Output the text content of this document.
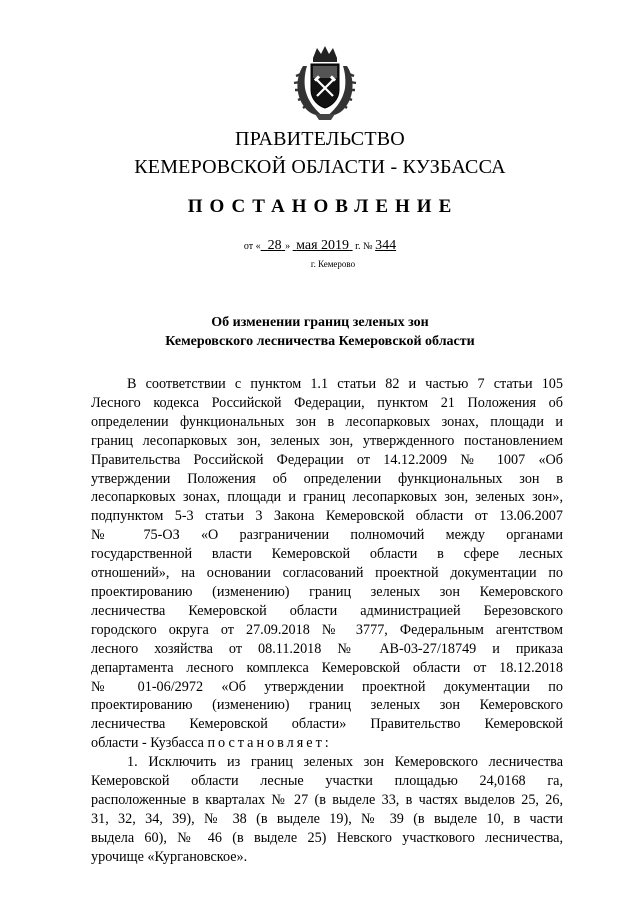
ПРАВИТЕЛЬСТВО

КЕМЕРОВСКОЙ ОБЛАСТИ - КУЗБАССА

ПОСТАНОВЛЕНИЕ

от « 28 » мая 2019 г. № 344
г. Кемерово

Об изменении границ зеленых зон

Кемеровского лесничества Кемеровской области

В соответствии с пунктом 1.1 статьи 82 и частью 7 статьи 105
Лесного кодекса Российской Федерации, пунктом 21 Положения об
определении функциональных зон в лесопарковых зонах, площади и
границ лесопарковых зон, зеленых зон, утвержденного постановлением
Правительства Российской Федерации от 14.12.2009 № 1007 «Об
утверждении Положения об определении функциональных зон в
лесопарковых зонах, площади и границ лесопарковых зон, зеленых зон»,
подпунктом 5-3 статьи 3 Закона Кемеровской области от 13.06.2007
№ 75-ОЗ «О разграничении полномочий между органами
государственной власти Кемеровской области в сфере лесных
отношений», на основании согласований проектной документации по
проектированию (изменению) границ зеленых зон Кемеровского
лесничества Кемеровской области администрацией Березовского
городского округа от 27.09.2018 № 3777, Федеральным агентством
лесного хозяйства от 08.11.2018 № АВ-03-27/18749 и приказа
департамента лесного комплекса Кемеровской области от 18.12.2018
№ 01-06/2972 «Об утверждении проектной документации по
проектированию (изменению) границ зеленых зон Кемеровского
лесничества Кемеровской области» Правительство Кемеровской
области - Кузбасса постановляет:
1. Исключить из границ зеленых зон Кемеровского лесничества
Кемеровской области лесные участки площадью 24,0168 га,
расположенные в кварталах № 27 (в выделе 33, в частях выделов 25, 26,
31, 32, 34, 39), № 38 (в выделе 19), № 39 (в выделе 10, в части
выдела 60), № 46 (в выделе 25) Невского участкового лесничества,
урочище «Кургановское».
